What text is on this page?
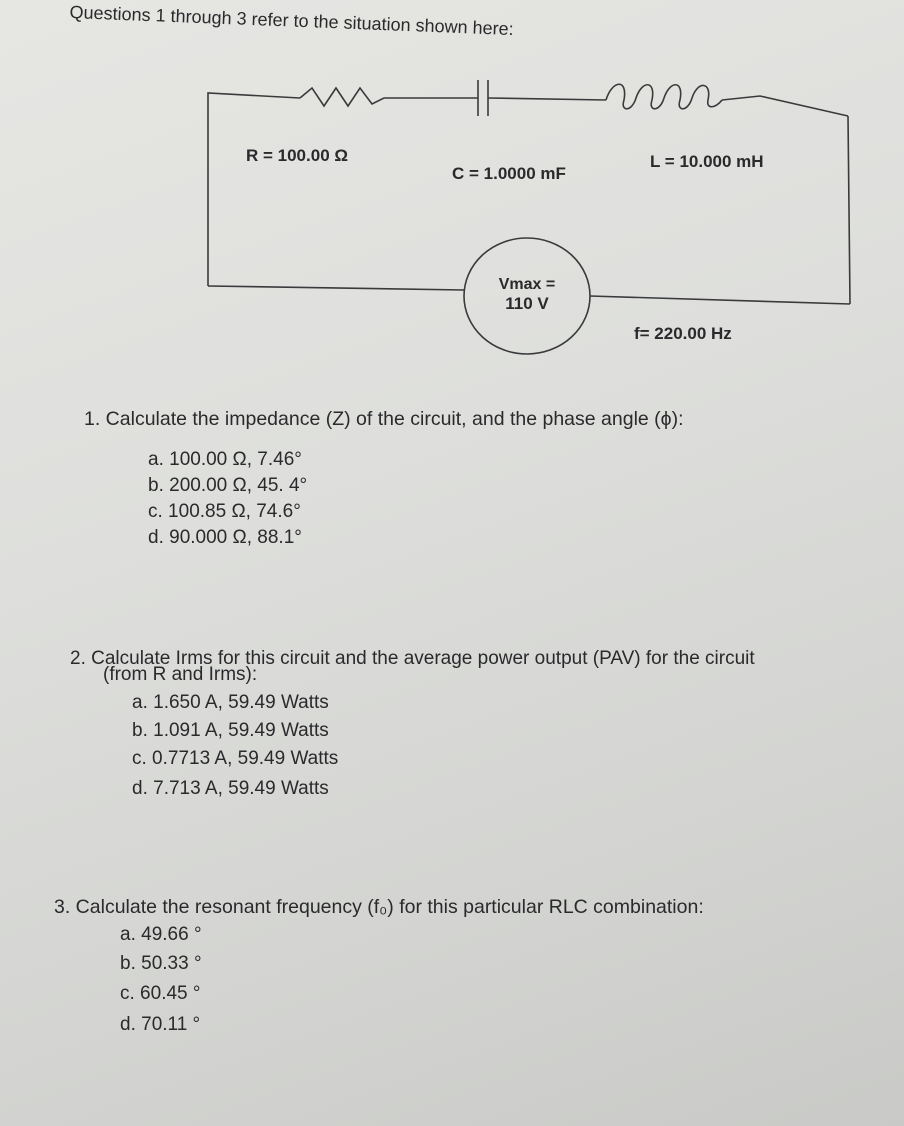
Questions 1 through 3 refer to the situation shown here:
R = 100.00 Ω
C = 1.0000 mF
L = 10.000 mH
Vmax =
110 V
f= 220.00 Hz
1. Calculate the impedance (Z) of the circuit, and the phase angle (ϕ):
a. 100.00 Ω, 7.46°
b. 200.00 Ω, 45. 4°
c. 100.85 Ω, 74.6°
d. 90.000 Ω, 88.1°
2. Calculate Irms for this circuit and the average power output (PAV) for the circuit
(from R and Irms):
a. 1.650 A, 59.49 Watts
b. 1.091 A, 59.49 Watts
c. 0.7713 A, 59.49 Watts
d. 7.713 A, 59.49 Watts
3. Calculate the resonant frequency (f₀) for this particular RLC combination:
a. 49.66 °
b. 50.33 °
c. 60.45 °
d. 70.11 °
